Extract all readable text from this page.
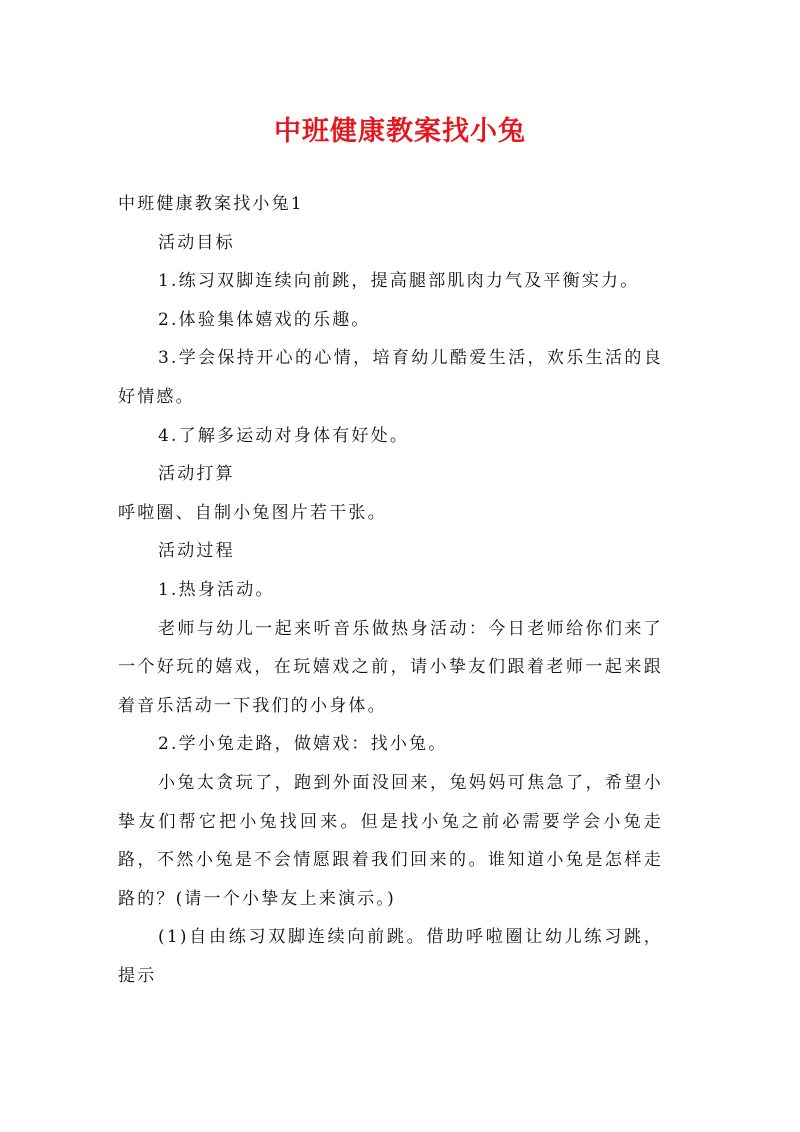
中班健康教案找小兔

中班健康教案找小兔1

活动目标

1.练习双脚连续向前跳，提高腿部肌肉力气及平衡实力。

2.体验集体嬉戏的乐趣。

3.学会保持开心的心情，培育幼儿酷爱生活，欢乐生活的良好情感。

4.了解多运动对身体有好处。

活动打算

呼啦圈、自制小兔图片若干张。

活动过程

1.热身活动。

老师与幼儿一起来听音乐做热身活动：今日老师给你们来了一个好玩的嬉戏，在玩嬉戏之前，请小挚友们跟着老师一起来跟着音乐活动一下我们的小身体。

2.学小兔走路，做嬉戏：找小兔。

小兔太贪玩了，跑到外面没回来，兔妈妈可焦急了，希望小挚友们帮它把小兔找回来。但是找小兔之前必需要学会小兔走路，不然小兔是不会情愿跟着我们回来的。谁知道小兔是怎样走路的？(请一个小挚友上来演示。)

(1)自由练习双脚连续向前跳。借助呼啦圈让幼儿练习跳，提示
